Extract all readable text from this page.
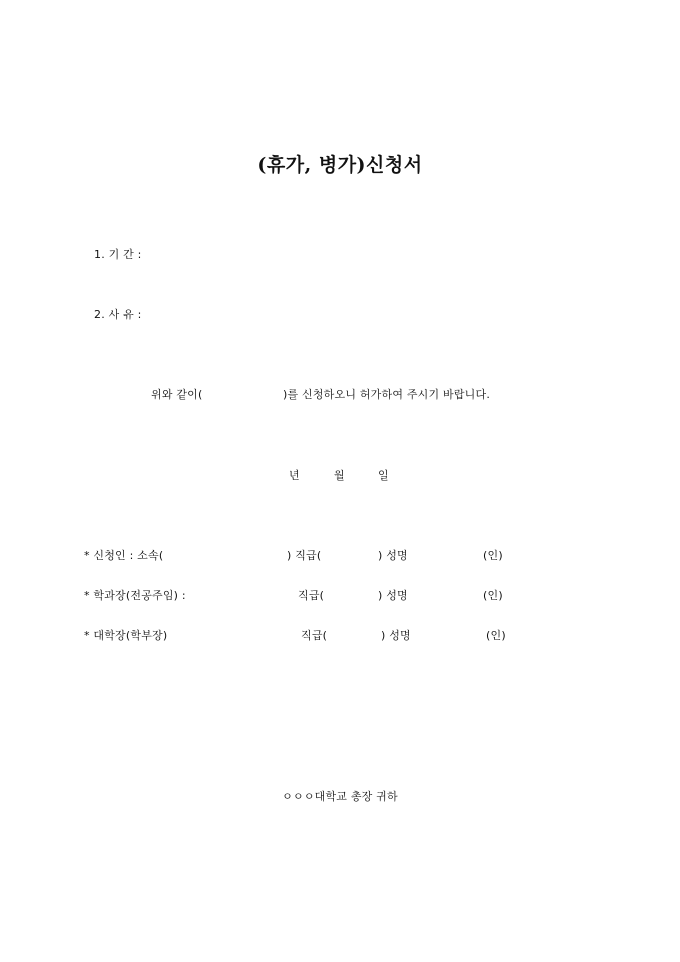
(휴가, 병가)신청서
1. 기 간 :
2. 사 유 :
위와 같이(	)를 신청하오니 허가하여 주시기 바랍니다.
년	월	일
* 신청인 : 소속(	) 직급(	) 성명	(인)
* 학과장(전공주임) :	직급(	) 성명	(인)
* 대학장(학부장)	직급(	) 성명	(인)
ㅇㅇㅇ대학교 총장 귀하
